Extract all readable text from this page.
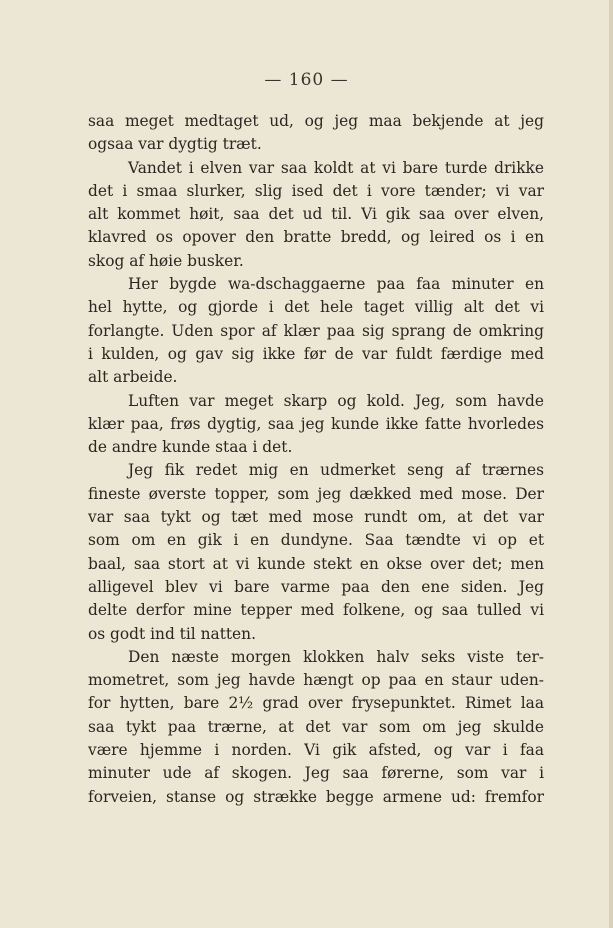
— 160 —
saa meget medtaget ud, og jeg maa bekjende at jeg
ogsaa var dygtig træt.
Vandet i elven var saa koldt at vi bare turde drikke
det i smaa slurker, slig ised det i vore tænder; vi var
alt kommet høit, saa det ud til. Vi gik saa over elven,
klavred os opover den bratte bredd, og leired os i en
skog af høie busker.
Her bygde wa-dschaggaerne paa faa minuter en
hel hytte, og gjorde i det hele taget villig alt det vi
forlangte. Uden spor af klær paa sig sprang de omkring
i kulden, og gav sig ikke før de var fuldt færdige med
alt arbeide.
Luften var meget skarp og kold. Jeg, som havde
klær paa, frøs dygtig, saa jeg kunde ikke fatte hvorledes
de andre kunde staa i det.
Jeg fik redet mig en udmerket seng af trærnes
fineste øverste topper, som jeg dækked med mose. Der
var saa tykt og tæt med mose rundt om, at det var
som om en gik i en dundyne. Saa tændte vi op et
baal, saa stort at vi kunde stekt en okse over det; men
alligevel blev vi bare varme paa den ene siden. Jeg
delte derfor mine tepper med folkene, og saa tulled vi
os godt ind til natten.
Den næste morgen klokken halv seks viste ter-
mometret, som jeg havde hængt op paa en staur uden-
for hytten, bare 2½ grad over frysepunktet. Rimet laa
saa tykt paa trærne, at det var som om jeg skulde
være hjemme i norden. Vi gik afsted, og var i faa
minuter ude af skogen. Jeg saa førerne, som var i
forveien, stanse og strække begge armene ud: fremfor
